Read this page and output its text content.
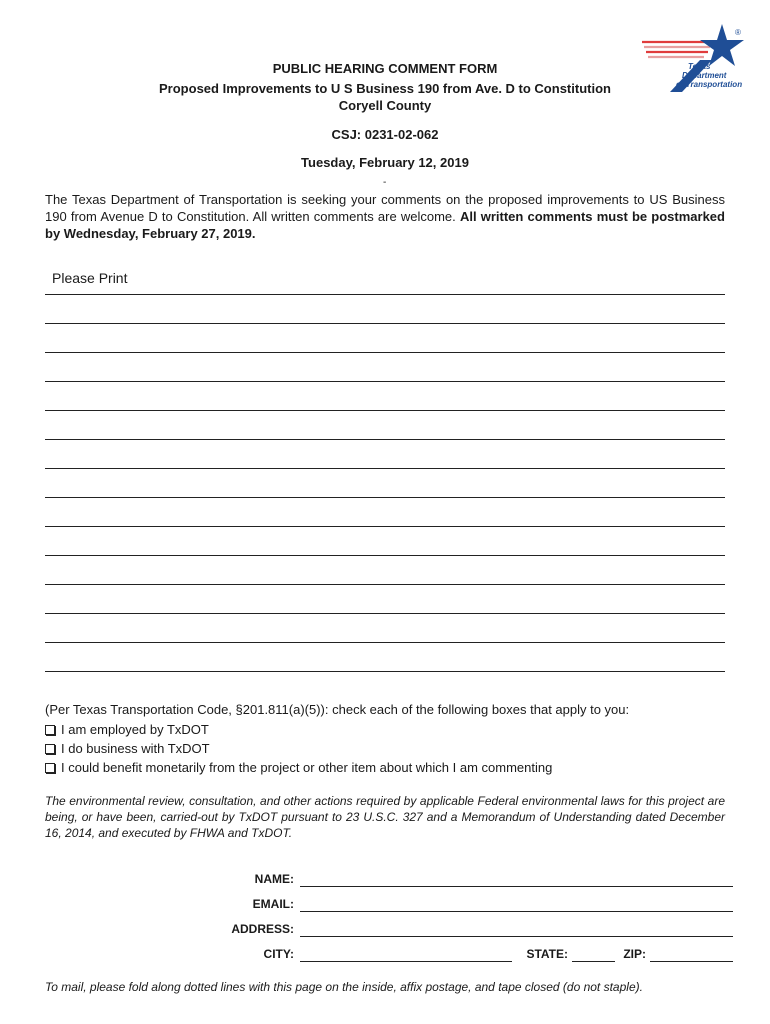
®
Texas
Department
of Transportation
PUBLIC HEARING COMMENT FORM
Proposed Improvements to U S Business 190 from Ave. D to Constitution
Coryell County
CSJ: 0231-02-062
Tuesday, February 12, 2019
-
The Texas Department of Transportation is seeking your comments on the proposed improvements to US Business 190 from Avenue D to Constitution. All written comments are welcome. All written comments must be postmarked by Wednesday, February 27, 2019.
Please Print
(Per Texas Transportation Code, §201.811(a)(5)): check each of the following boxes that apply to you:
I am employed by TxDOT
I do business with TxDOT
I could benefit monetarily from the project or other item about which I am commenting
The environmental review, consultation, and other actions required by applicable Federal environmental laws for this project are being, or have been, carried-out by TxDOT pursuant to 23 U.S.C. 327 and a Memorandum of Understanding dated December 16, 2014, and executed by FHWA and TxDOT.
NAME:
EMAIL:
ADDRESS:
CITY:	STATE:	ZIP:
To mail, please fold along dotted lines with this page on the inside, affix postage, and tape closed (do not staple).
